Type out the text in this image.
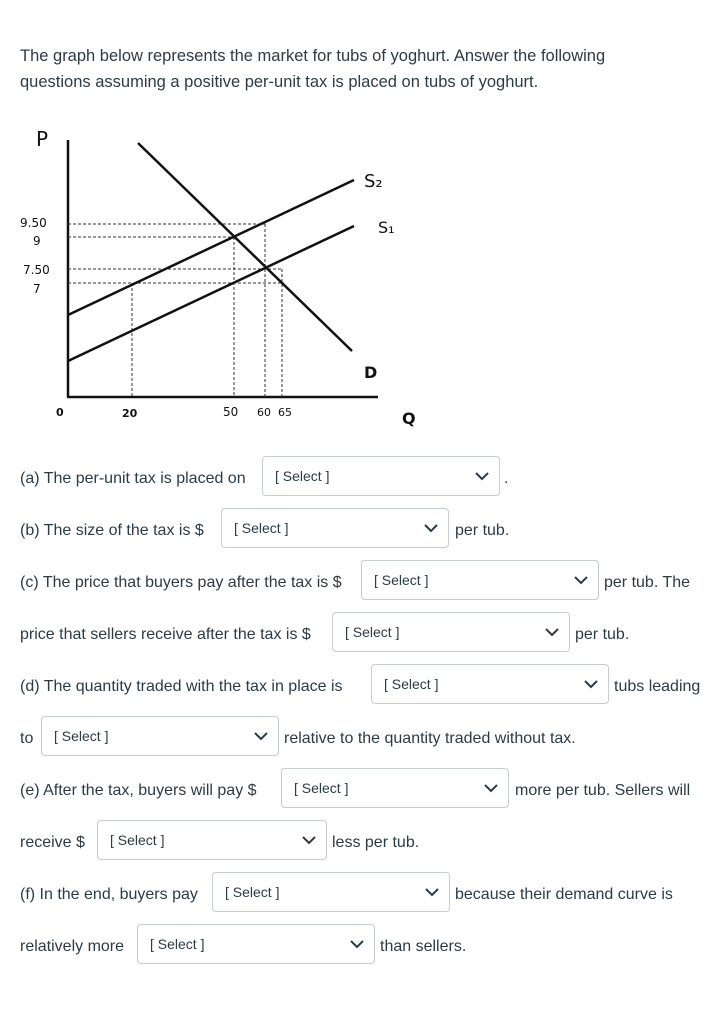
The graph below represents the market for tubs of yoghurt. Answer the following
questions assuming a positive per-unit tax is placed on tubs of yoghurt.
P
Q
0
S₂
S₁
D
9.50
9
7.50
7
20	50 60 65
(a) The per-unit tax is placed on [ Select ]	.
(b) The size of the tax is $ [ Select ]	per tub.
(c) The price that buyers pay after the tax is $ [ Select ]	per tub. The
price that sellers receive after the tax is $ [ Select ]	per tub.
(d) The quantity traded with the tax in place is	[ Select ]	tubs leading
to [ Select ]	relative to the quantity traded without tax.
(e) After the tax, buyers will pay $	[ Select ]	more per tub. Sellers will
receive $ [ Select ]	less per tub.
(f) In the end, buyers pay [ Select ]	because their demand curve is
relatively more [ Select ]	than sellers.
